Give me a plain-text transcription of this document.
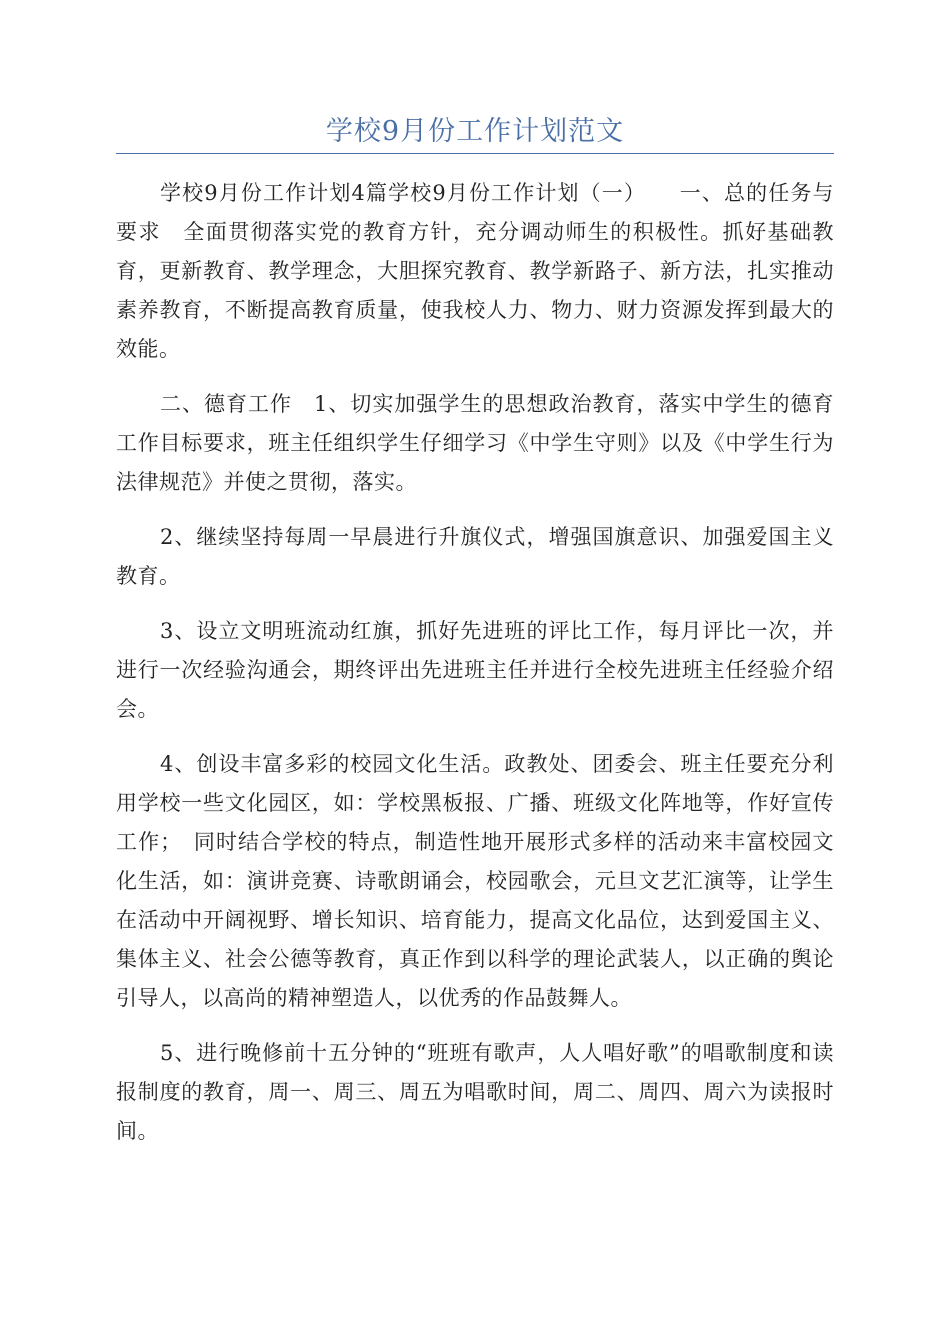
学校9月份工作计划范文

学校9月份工作计划4篇学校9月份工作计划（一）　　一、总的任务与要求　全面贯彻落实党的教育方针，充分调动师生的积极性。抓好基础教育，更新教育、教学理念，大胆探究教育、教学新路子、新方法，扎实推动素养教育，不断提高教育质量，使我校人力、物力、财力资源发挥到最大的效能。

二、德育工作　1、切实加强学生的思想政治教育，落实中学生的德育工作目标要求，班主任组织学生仔细学习《中学生守则》以及《中学生行为法律规范》并使之贯彻，落实。

2、继续坚持每周一早晨进行升旗仪式，增强国旗意识、加强爱国主义教育。

3、设立文明班流动红旗，抓好先进班的评比工作，每月评比一次，并进行一次经验沟通会，期终评出先进班主任并进行全校先进班主任经验介绍会。

4、创设丰富多彩的校园文化生活。政教处、团委会、班主任要充分利用学校一些文化园区，如：学校黑板报、广播、班级文化阵地等，作好宣传工作；　同时结合学校的特点，制造性地开展形式多样的活动来丰富校园文化生活，如：演讲竞赛、诗歌朗诵会，校园歌会，元旦文艺汇演等，让学生在活动中开阔视野、增长知识、培育能力，提高文化品位，达到爱国主义、集体主义、社会公德等教育，真正作到以科学的理论武装人，以正确的舆论引导人，以高尚的精神塑造人，以优秀的作品鼓舞人。

5、进行晚修前十五分钟的“班班有歌声，人人唱好歌”的唱歌制度和读报制度的教育，周一、周三、周五为唱歌时间，周二、周四、周六为读报时间。
